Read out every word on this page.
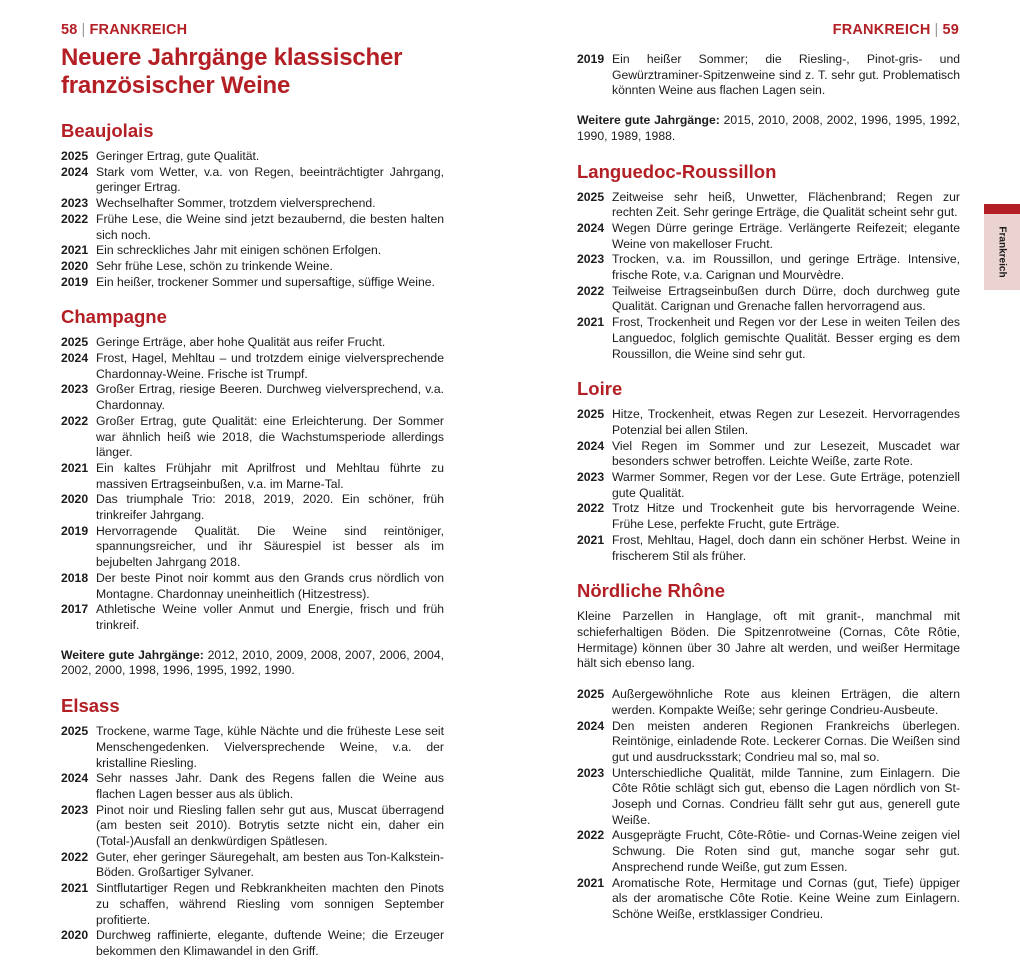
58 | FRANKREICH
Neuere Jahrgänge klassischer
französischer Weine
Beaujolais
2025 Geringer Ertrag, gute Qualität.
2024 Stark vom Wetter, v.a. von Regen, beeinträchtigter Jahrgang, geringer Ertrag.
2023 Wechselhafter Sommer, trotzdem vielversprechend.
2022 Frühe Lese, die Weine sind jetzt bezaubernd, die besten halten sich noch.
2021 Ein schreckliches Jahr mit einigen schönen Erfolgen.
2020 Sehr frühe Lese, schön zu trinkende Weine.
2019 Ein heißer, trockener Sommer und supersaftige, süffige Weine.
Champagne
2025 Geringe Erträge, aber hohe Qualität aus reifer Frucht.
2024 Frost, Hagel, Mehltau – und trotzdem einige vielversprechende Chardonnay-Weine. Frische ist Trumpf.
2023 Großer Ertrag, riesige Beeren. Durchweg vielversprechend, v.a. Chardonnay.
2022 Großer Ertrag, gute Qualität: eine Erleichterung. Der Sommer war ähnlich heiß wie 2018, die Wachstumsperiode allerdings länger.
2021 Ein kaltes Frühjahr mit Aprilfrost und Mehltau führte zu massiven Ertragseinbußen, v.a. im Marne-Tal.
2020 Das triumphale Trio: 2018, 2019, 2020. Ein schöner, früh trinkreifer Jahrgang.
2019 Hervorragende Qualität. Die Weine sind reintöniger, spannungsreicher, und ihr Säurespiel ist besser als im bejubelten Jahrgang 2018.
2018 Der beste Pinot noir kommt aus den Grands crus nördlich von Montagne. Chardonnay uneinheitlich (Hitzestress).
2017 Athletische Weine voller Anmut und Energie, frisch und früh trinkreif.
Weitere gute Jahrgänge: 2012, 2010, 2009, 2008, 2007, 2006, 2004, 2002, 2000, 1998, 1996, 1995, 1992, 1990.
Elsass
2025 Trockene, warme Tage, kühle Nächte und die früheste Lese seit Menschengedenken. Vielversprechende Weine, v.a. der kristalline Riesling.
2024 Sehr nasses Jahr. Dank des Regens fallen die Weine aus flachen Lagen besser aus als üblich.
2023 Pinot noir und Riesling fallen sehr gut aus, Muscat überragend (am besten seit 2010). Botrytis setzte nicht ein, daher ein (Total-)Ausfall an denkwürdigen Spätlesen.
2022 Guter, eher geringer Säuregehalt, am besten aus Ton-Kalkstein-Böden. Großartiger Sylvaner.
2021 Sintflutartiger Regen und Rebkrankheiten machten den Pinots zu schaffen, während Riesling vom sonnigen September profitierte.
2020 Durchweg raffinierte, elegante, duftende Weine; die Erzeuger bekommen den Klimawandel in den Griff.
FRANKREICH | 59
2019 Ein heißer Sommer; die Riesling-, Pinot-gris- und Gewürztraminer-Spitzenweine sind z. T. sehr gut. Problematisch könnten Weine aus flachen Lagen sein.
Weitere gute Jahrgänge: 2015, 2010, 2008, 2002, 1996, 1995, 1992, 1990, 1989, 1988.
Languedoc-Roussillon
2025 Zeitweise sehr heiß, Unwetter, Flächenbrand; Regen zur rechten Zeit. Sehr geringe Erträge, die Qualität scheint sehr gut.
2024 Wegen Dürre geringe Erträge. Verlängerte Reifezeit; elegante Weine von makelloser Frucht.
2023 Trocken, v.a. im Roussillon, und geringe Erträge. Intensive, frische Rote, v.a. Carignan und Mourvèdre.
2022 Teilweise Ertragseinbußen durch Dürre, doch durchweg gute Qualität. Carignan und Grenache fallen hervorragend aus.
2021 Frost, Trockenheit und Regen vor der Lese in weiten Teilen des Languedoc, folglich gemischte Qualität. Besser erging es dem Roussillon, die Weine sind sehr gut.
Loire
2025 Hitze, Trockenheit, etwas Regen zur Lesezeit. Hervorragendes Potenzial bei allen Stilen.
2024 Viel Regen im Sommer und zur Lesezeit, Muscadet war besonders schwer betroffen. Leichte Weiße, zarte Rote.
2023 Warmer Sommer, Regen vor der Lese. Gute Erträge, potenziell gute Qualität.
2022 Trotz Hitze und Trockenheit gute bis hervorragende Weine. Frühe Lese, perfekte Frucht, gute Erträge.
2021 Frost, Mehltau, Hagel, doch dann ein schöner Herbst. Weine in frischerem Stil als früher.
Nördliche Rhône
Kleine Parzellen in Hanglage, oft mit granit-, manchmal mit schieferhaltigen Böden. Die Spitzenrotweine (Cornas, Côte Rôtie, Hermitage) können über 30 Jahre alt werden, und weißer Hermitage hält sich ebenso lang.
2025 Außergewöhnliche Rote aus kleinen Erträgen, die altern werden. Kompakte Weiße; sehr geringe Condrieu-Ausbeute.
2024 Den meisten anderen Regionen Frankreichs überlegen. Reintönige, einladende Rote. Leckerer Cornas. Die Weißen sind gut und ausdrucksstark; Condrieu mal so, mal so.
2023 Unterschiedliche Qualität, milde Tannine, zum Einlagern. Die Côte Rôtie schlägt sich gut, ebenso die Lagen nördlich von St-Joseph und Cornas. Condrieu fällt sehr gut aus, generell gute Weiße.
2022 Ausgeprägte Frucht, Côte-Rôtie- und Cornas-Weine zeigen viel Schwung. Die Roten sind gut, manche sogar sehr gut. Ansprechend runde Weiße, gut zum Essen.
2021 Aromatische Rote, Hermitage und Cornas (gut, Tiefe) üppiger als der aromatische Côte Rotie. Keine Weine zum Einlagern. Schöne Weiße, erstklassiger Condrieu.
Frankreich
